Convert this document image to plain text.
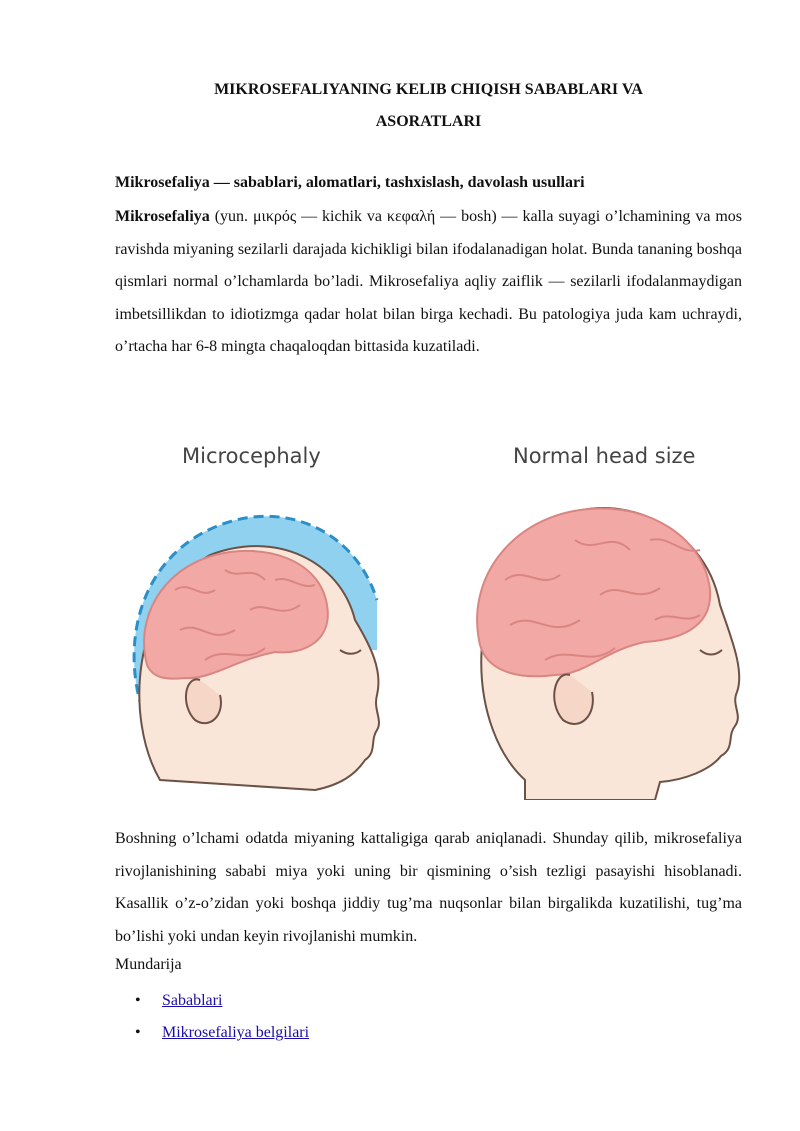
MIKROSEFALIYANING KELIB CHIQISH SABABLARI VA
ASORATLARI
Mikrosefaliya — sabablari, alomatlari, tashxislash, davolash usullari
Mikrosefaliya (yun. μικρός — kichik va κεφαλή — bosh) — kalla suyagi o’lchamining va mos ravishda miyaning sezilarli darajada kichikligi bilan ifodalanadigan holat. Bunda tananing boshqa qismlari normal o’lchamlarda bo’ladi. Mikrosefaliya aqliy zaiflik — sezilarli ifodalanmaydigan imbetsillikdan to idiotizmga qadar holat bilan birga kechadi. Bu patologiya juda kam uchraydi, o’rtacha har 6-8 mingta chaqaloqdan bittasida kuzatiladi.
Microcephaly	Normal head size
Boshning o’lchami odatda miyaning kattaligiga qarab aniqlanadi. Shunday qilib, mikrosefaliya rivojlanishining sababi miya yoki uning bir qismining o’sish tezligi pasayishi hisoblanadi. Kasallik o’z-o’zidan yoki boshqa jiddiy tug’ma nuqsonlar bilan birgalikda kuzatilishi, tug’ma bo’lishi yoki undan keyin rivojlanishi mumkin.
Mundarija
• Sabablari
• Mikrosefaliya belgilari
